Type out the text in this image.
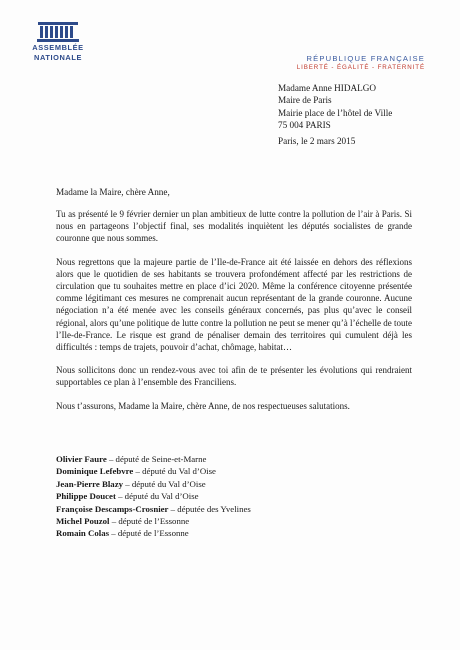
ASSEMBLÉE
NATIONALE	RÉPUBLIQUE FRANÇAISE
LIBERTÉ - ÉGALITÉ - FRATERNITÉ
Madame Anne HIDALGO
Maire de Paris
Mairie place de l’hôtel de Ville
75 004 PARIS
Paris, le 2 mars 2015
Madame la Maire, chère Anne,

Tu as présenté le 9 février dernier un plan ambitieux de lutte contre la pollution de l’air à Paris. Si nous en partageons l’objectif final, ses modalités inquiètent les députés socialistes de grande couronne que nous sommes.

Nous regrettons que la majeure partie de l’Ile-de-France ait été laissée en dehors des réflexions alors que le quotidien de ses habitants se trouvera profondément affecté par les restrictions de circulation que tu souhaites mettre en place d’ici 2020. Même la conférence citoyenne présentée comme légitimant ces mesures ne comprenait aucun représentant de la grande couronne. Aucune négociation n’a été menée avec les conseils généraux concernés, pas plus qu’avec le conseil régional, alors qu’une politique de lutte contre la pollution ne peut se mener qu’à l’échelle de toute l’Ile-de-France. Le risque est grand de pénaliser demain des territoires qui cumulent déjà les difficultés : temps de trajets, pouvoir d’achat, chômage, habitat…

Nous sollicitons donc un rendez-vous avec toi afin de te présenter les évolutions qui rendraient supportables ce plan à l’ensemble des Franciliens.

Nous t’assurons, Madame la Maire, chère Anne, de nos respectueuses salutations.

Olivier Faure – député de Seine-et-Marne
Dominique Lefebvre – député du Val d’Oise
Jean-Pierre Blazy – député du Val d’Oise
Philippe Doucet – député du Val d’Oise
Françoise Descamps-Crosnier – députée des Yvelines
Michel Pouzol – député de l’Essonne
Romain Colas – député de l’Essonne
